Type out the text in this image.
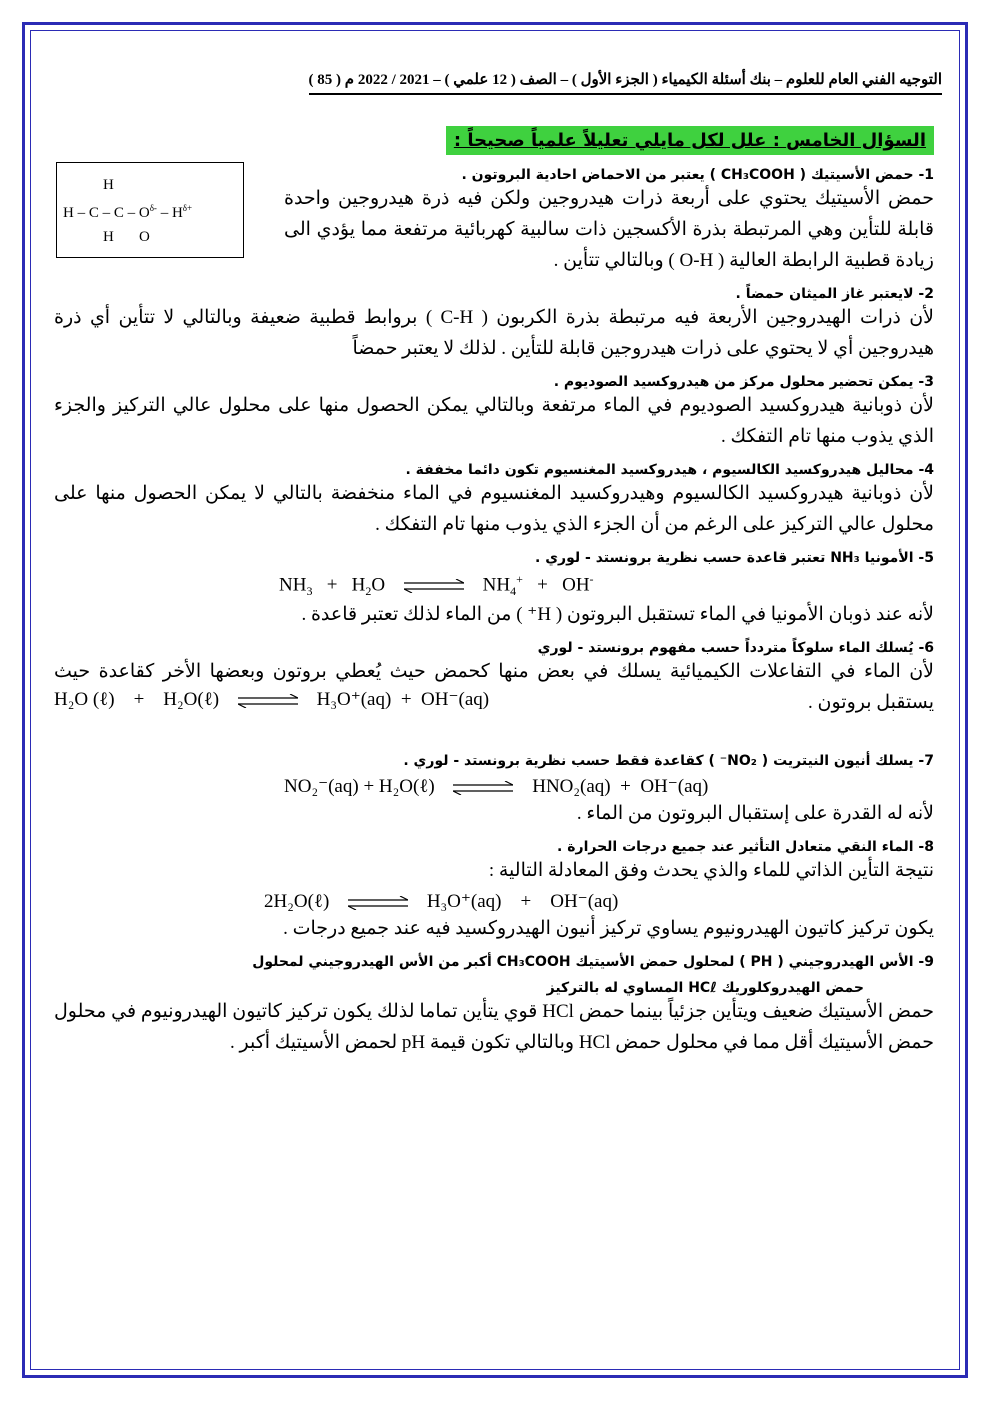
التوجيه الفني العام للعلوم – بنك أسئلة الكيمياء ( الجزء الأول ) – الصف ( 12 علمي ) – 2021 / 2022 م ( 85 )
H
H – C – C – $O^{\delta-} - H^{\delta+}$
H O
السؤال الخامس : علل لكل مايلي تعليلاً علمياً صحيحاً :
1- حمض الأسيتيك ( CH₃COOH ) يعتبر من الاحماض احادية البروتون .
حمض الأسيتيك يحتوي على أربعة ذرات هيدروجين ولكن فيه ذرة هيدروجين واحدة قابلة للتأين وهي المرتبطة بذرة الأكسجين ذات سالبية كهربائية مرتفعة مما يؤدي الى زيادة قطبية الرابطة العالية ( O-H ) وبالتالي تتأين .
2- لايعتبر غاز الميثان حمضاً .
لأن ذرات الهيدروجين الأربعة فيه مرتبطة بذرة الكربون ( C-H ) بروابط قطبية ضعيفة وبالتالي لا تتأين أي ذرة هيدروجين أي لا يحتوي على ذرات هيدروجين قابلة للتأين . لذلك لا يعتبر حمضاً
3- يمكن تحضير محلول مركز من هيدروكسيد الصوديوم .
لأن ذوبانية هيدروكسيد الصوديوم في الماء مرتفعة وبالتالي يمكن الحصول منها على محلول عالي التركيز والجزء الذي يذوب منها تام التفكك .
4- محاليل هيدروكسيد الكالسيوم ، هيدروكسيد المغنسيوم تكون دائما مخففة .
لأن ذوبانية هيدروكسيد الكالسيوم وهيدروكسيد المغنسيوم في الماء منخفضة بالتالي لا يمكن الحصول منها على محلول عالي التركيز على الرغم من أن الجزء الذي يذوب منها تام التفكك .
5- الأمونيا NH₃ تعتبر قاعدة حسب نظرية برونستد - لوري .
$NH_3 + H_2O$ ⇌ $NH_4^+ + OH^-$
لأنه عند ذوبان الأمونيا في الماء تستقبل البروتون ( H⁺ ) من الماء لذلك تعتبر قاعدة .
6- يُسلك الماء سلوكاً متردداً حسب مفهوم برونستد - لوري
لأن الماء في التفاعلات الكيميائية يسلك في بعض منها كحمض حيث يُعطي بروتون وبعضها الأخر كقاعدة حيث يستقبل بروتون .
H₂O (ℓ) + H₂O(ℓ) ⇌ H₃O⁺(aq) + OH⁻(aq)
7- يسلك أنيون النيتريت ( NO₂⁻ ) كقاعدة فقط حسب نظرية برونستد - لوري .
NO₂⁻(aq) + H₂O(ℓ) ⇌ HNO₂(aq) + OH⁻(aq)
لأنه له القدرة على إستقبال البروتون من الماء .
8- الماء النقي متعادل التأثير عند جميع درجات الحرارة .
نتيجة التأين الذاتي للماء والذي يحدث وفق المعادلة التالية :
2H₂O(ℓ) ⇌ H₃O⁺(aq) + OH⁻(aq)
يكون تركيز كاتيون الهيدرونيوم يساوي تركيز أنيون الهيدروكسيد فيه عند جميع درجات .
9- الأس الهيدروجيني ( PH ) لمحلول حمض الأسيتيك CH₃COOH أكبر من الأس الهيدروجيني لمحلول
حمض الهيدروكلوريك HCℓ المساوي له بالتركيز
حمض الأسيتيك ضعيف ويتأين جزئياً بينما حمض HCl قوي يتأين تماما لذلك يكون تركيز كاتيون الهيدرونيوم في محلول حمض الأسيتيك أقل مما في محلول حمض HCl وبالتالي تكون قيمة pH لحمض الأسيتيك أكبر .
